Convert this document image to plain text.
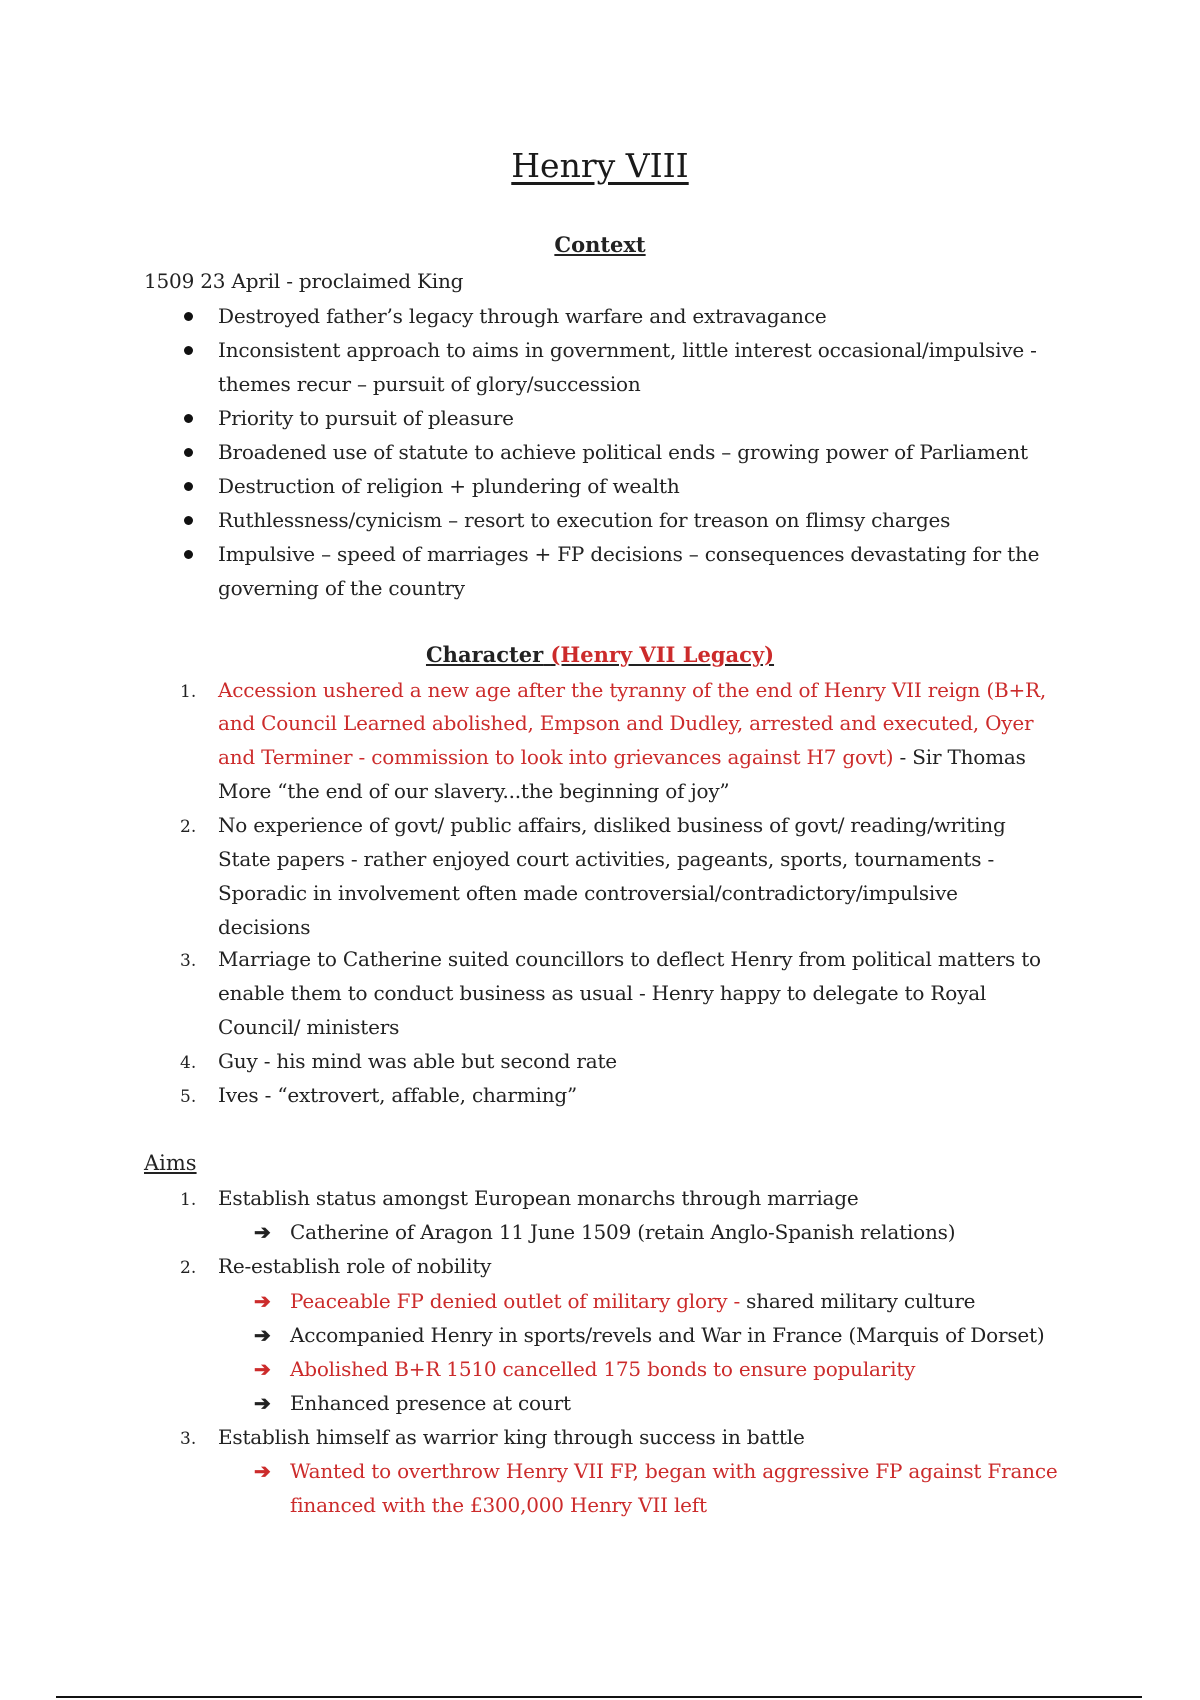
Henry VIII
Context
1509 23 April - proclaimed King
Destroyed father’s legacy through warfare and extravagance
Inconsistent approach to aims in government, little interest occasional/impulsive -
themes recur – pursuit of glory/succession
Priority to pursuit of pleasure
Broadened use of statute to achieve political ends – growing power of Parliament
Destruction of religion + plundering of wealth
Ruthlessness/cynicism – resort to execution for treason on flimsy charges
Impulsive – speed of marriages + FP decisions – consequences devastating for the
governing of the country
Character (Henry VII Legacy)
1. Accession ushered a new age after the tyranny of the end of Henry VII reign (B+R,
and Council Learned abolished, Empson and Dudley, arrested and executed, Oyer
and Terminer - commission to look into grievances against H7 govt) - Sir Thomas
More “the end of our slavery...the beginning of joy”
2. No experience of govt/ public affairs, disliked business of govt/ reading/writing
State papers - rather enjoyed court activities, pageants, sports, tournaments -
Sporadic in involvement often made controversial/contradictory/impulsive
decisions
3. Marriage to Catherine suited councillors to deflect Henry from political matters to
enable them to conduct business as usual - Henry happy to delegate to Royal
Council/ ministers
4. Guy - his mind was able but second rate
5. Ives - “extrovert, affable, charming”
Aims
1. Establish status amongst European monarchs through marriage
➔ Catherine of Aragon 11 June 1509 (retain Anglo-Spanish relations)
2. Re-establish role of nobility
➔ Peaceable FP denied outlet of military glory - shared military culture
➔ Accompanied Henry in sports/revels and War in France (Marquis of Dorset)
➔ Abolished B+R 1510 cancelled 175 bonds to ensure popularity
➔ Enhanced presence at court
3. Establish himself as warrior king through success in battle
➔ Wanted to overthrow Henry VII FP, began with aggressive FP against France
financed with the £300,000 Henry VII left
